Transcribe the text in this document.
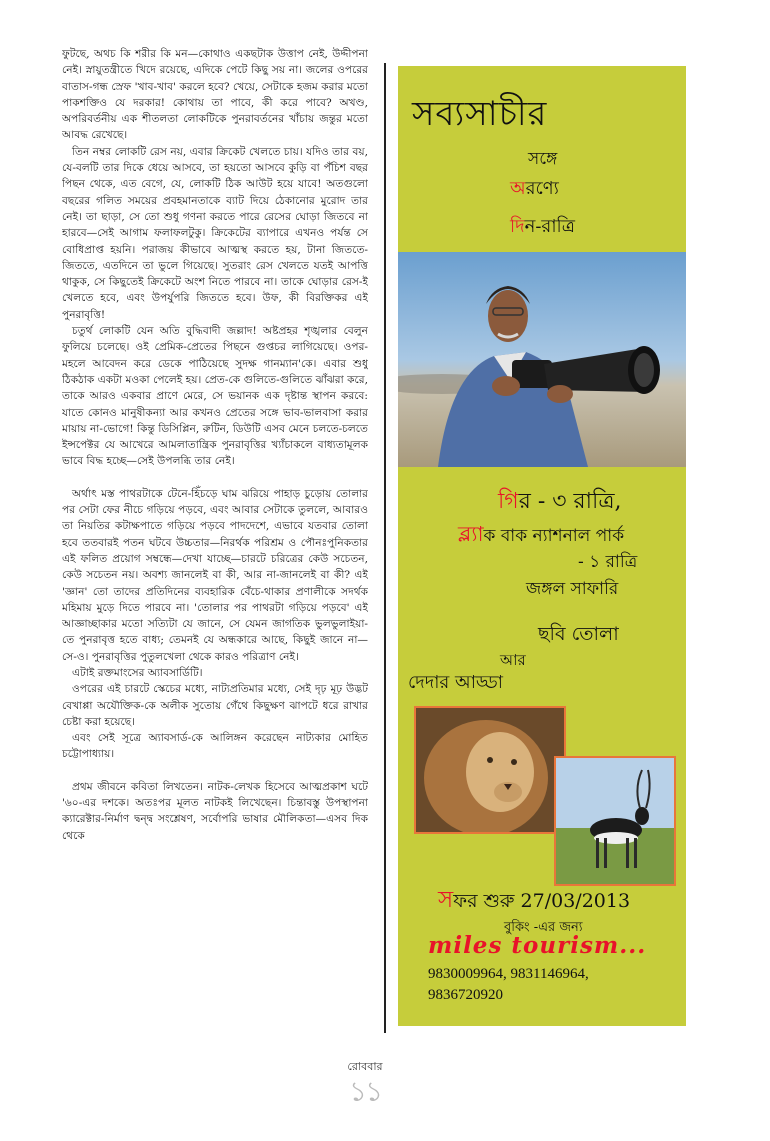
ফুটছে, অথচ কি শরীর কি মন—কোথাও একছটাক উত্তাপ নেই, উদ্দীপনা নেই। স্নায়ুতন্ত্রীতে খিদে রয়েছে, এদিকে পেটে কিছু সয় না। জলের ওপরের বাতাস-গন্ধ স্রেফ 'খাব-খাব' করলে হবে? খেয়ে, সেটাকে হজম করার মতো পাকশক্তিও যে দরকার! কোথায় তা পাবে, কী করে পাবে? অখণ্ড, অপরিবর্তনীয় এক শীতলতা লোকটিকে পুনরাবর্তনের খাঁচায় জন্তুর মতো আবদ্ধ রেখেছে।

তিন নম্বর লোকটি রেস নয়, এবার ক্রিকেট খেলতে চায়। যদিও তার বয়, যে-বলটি তার দিকে ধেয়ে আসবে, তা হয়তো আসবে কুড়ি বা পঁচিশ বছর পিছন থেকে, এত বেগে, যে, লোকটি ঠিক আউট হয়ে যাবে! অতগুলো বছরের গলিত সময়ের প্রবহমানতাকে ব্যাট দিয়ে ঠেকানোর মুরোদ তার নেই। তা ছাড়া, সে তো শুধু গণনা করতে পারে রেসের ঘোড়া জিতবে না হারবে—সেই আগাম ফলাফলটুকু। ক্রিকেটের ব্যাপারে এখনও পর্যন্ত সে বোধিপ্রাপ্ত হয়নি। পরাজয় কীভাবে আত্মস্থ করতে হয়, টানা জিততে-জিততে, এতদিনে তা ভুলে গিয়েছে। সুতরাং রেস খেলতে যতই আপত্তি থাকুক, সে কিছুতেই ক্রিকেটে অংশ নিতে পারবে না। তাকে ঘোড়ার রেস-ই খেলতে হবে, এবং উপর্যুপরি জিততে হবে। উফ, কী বিরক্তিকর এই পুনরাবৃত্তি!

চতুর্থ লোকটি যেন অতি বুদ্ধিবাদী জল্লাদ! অষ্টপ্রহর শৃঙ্খলার বেলুন ফুলিয়ে চলেছে। ওই প্রেমিক-প্রেতের পিছনে গুপ্তচর লাগিয়েছে। ওপর-মহলে আবেদন করে ডেকে পাঠিয়েছে সুদক্ষ গানম্যান'কে। এবার শুধু ঠিকঠাক একটা মওকা পেলেই হয়। প্রেত-কে গুলিতে-গুলিতে ঝাঁঝরা করে, তাকে আরও একবার প্রাণে মেরে, সে ভয়ানক এক দৃষ্টান্ত স্থাপন করবে: যাতে কোনও মানুষীকন্যা আর কখনও প্রেতের সঙ্গে ভাব-ভালবাসা করার মায়ায় না-ভোগে! কিন্তু ডিসিপ্লিন, রুটিন, ডিউটি এসব মেনে চলতে-চলতে ইন্সপেক্টর যে আখেরে আমলাতান্ত্রিক পুনরাবৃত্তির খ্যাঁচাকলে বাধ্যতামূলক ভাবে বিদ্ধ হচ্ছে—সেই উপলব্ধি তার নেই।

অর্থাৎ মস্ত পাথরটাকে টেনে-হিঁচড়ে ঘাম ঝরিয়ে পাহাড় চুড়োয় তোলার পর সেটা ফের নীচে গড়িয়ে পড়বে, এবং আবার সেটাকে তুললে, আবারও তা নিয়তির কটাক্ষপাতে গড়িয়ে পড়বে পাদদেশে, এভাবে যতবার তোলা হবে ততবারই পতন ঘটবে উচ্চতার—নিরর্থক পরিশ্রম ও পৌনঃপুনিকতার এই ফলিত প্রয়োগ সম্বন্ধে—দেখা যাচ্ছে—চারটে চরিত্রের কেউ সচেতন, কেউ সচেতন নয়। অবশ্য জানলেই বা কী, আর না-জানলেই বা কী? এই 'জ্ঞান' তো তাদের প্রতিদিনের ব্যবহারিক বেঁচে-থাকার প্রণালীকে সদর্থক মহিমায় মুড়ে দিতে পারবে না। 'তোলার পর পাথরটা গড়িয়ে পড়বে' এই আজ্ঞাচ্ছাকার মতো সত্যিটা যে জানে, সে যেমন জাগতিক ভুলভুলাইয়া-তে পুনরাবৃত্ত হতে বাধ্য; তেমনই যে অন্ধকারে আছে, কিছুই জানে না—সে-ও। পুনরাবৃত্তির পুতুলখেলা থেকে কারও পরিত্রাণ নেই।

এটাই রক্তমাংসের অ্যাবসার্ডিটি।

ওপরের এই চারটে স্কেচের মধ্যে, নাট্যপ্রতিমার মধ্যে, সেই দৃঢ় মূঢ় উদ্ভট বেখাপ্পা অযৌক্তিক-কে অলীক সুতোয় গেঁথে কিছুক্ষণ ঝাপটে ধরে রাখার চেষ্টা করা হয়েছে।

এবং সেই সূত্রে অ্যাবসার্ড-কে আলিঙ্গন করেছেন নাট্যকার মোহিত চট্টোপাধ্যায়।

প্রথম জীবনে কবিতা লিখতেন। নাটক-লেখক হিসেবে আত্মপ্রকাশ ঘটে '৬০-এর দশকে। অতঃপর মূলত নাটকই লিখেছেন। চিন্তাবস্তু উপস্থাপনা ক্যারেক্টার-নির্মাণ দ্বন্দ্ব সংশ্লেষণ, সর্বোপরি ভাষার মৌলিকতা—এসব দিক থেকে

সব্যসাচীর
সঙ্গে
অরণ্যে
দিন-রাত্রি
গির - ৩ রাত্রি,
ব্ল্যাক বাক ন্যাশনাল পার্ক
- ১ রাত্রি
জঙ্গল সাফারি
ছবি তোলা
আর
দেদার আড্ডা
সফর শুরু 27/03/2013
বুকিং -এর জন্য
miles tourism...
9830009964, 9831146964,
9836720920
রোববার
১১
